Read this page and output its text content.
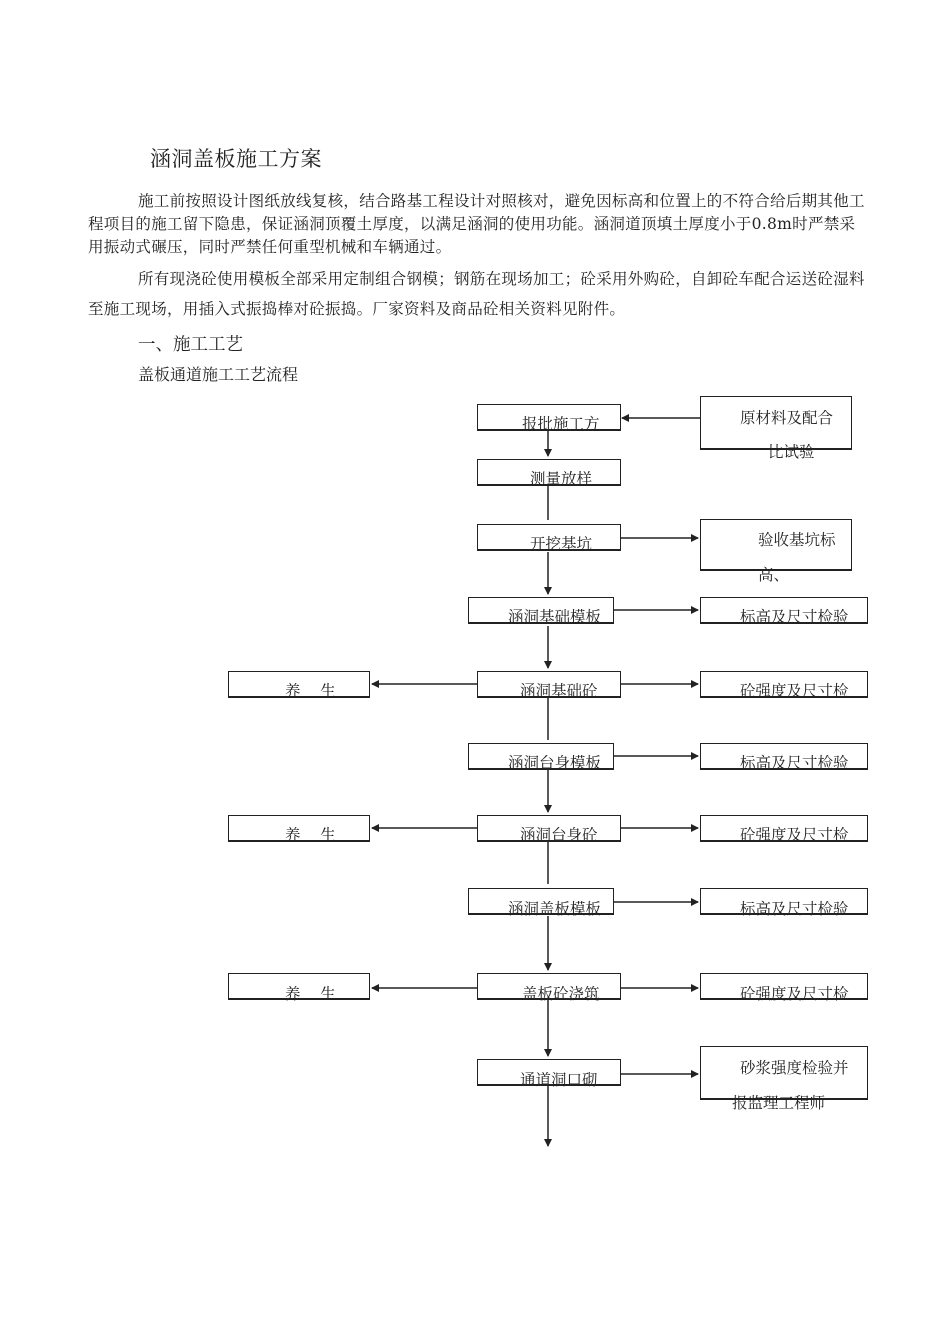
涵洞盖板施工方案
施工前按照设计图纸放线复核，结合路基工程设计对照核对，避免因标高和位置上的不符合给后期其他工程项目的施工留下隐患，保证涵洞顶覆土厚度，以满足涵洞的使用功能。涵洞道顶填土厚度小于0.8m时严禁采用振动式碾压，同时严禁任何重型机械和车辆通过。
所有现浇砼使用模板全部采用定制组合钢模；钢筋在现场加工；砼采用外购砼，自卸砼车配合运送砼湿料至施工现场，用插入式振捣棒对砼振捣。厂家资料及商品砼相关资料见附件。
一、施工工艺
盖板通道施工工艺流程
报批施工方
测量放样
开挖基坑
涵洞基础模板
涵洞基础砼
涵洞台身模板
涵洞台身砼
涵洞盖板模板
盖板砼浇筑
通道洞口砌
原材料及配合
比试验
验收基坑标
高、
标高及尺寸检验
砼强度及尺寸检
标高及尺寸检验
砼强度及尺寸检
标高及尺寸检验
砼强度及尺寸检
砂浆强度检验并
报监理工程师
养    生
养    生
养    生
